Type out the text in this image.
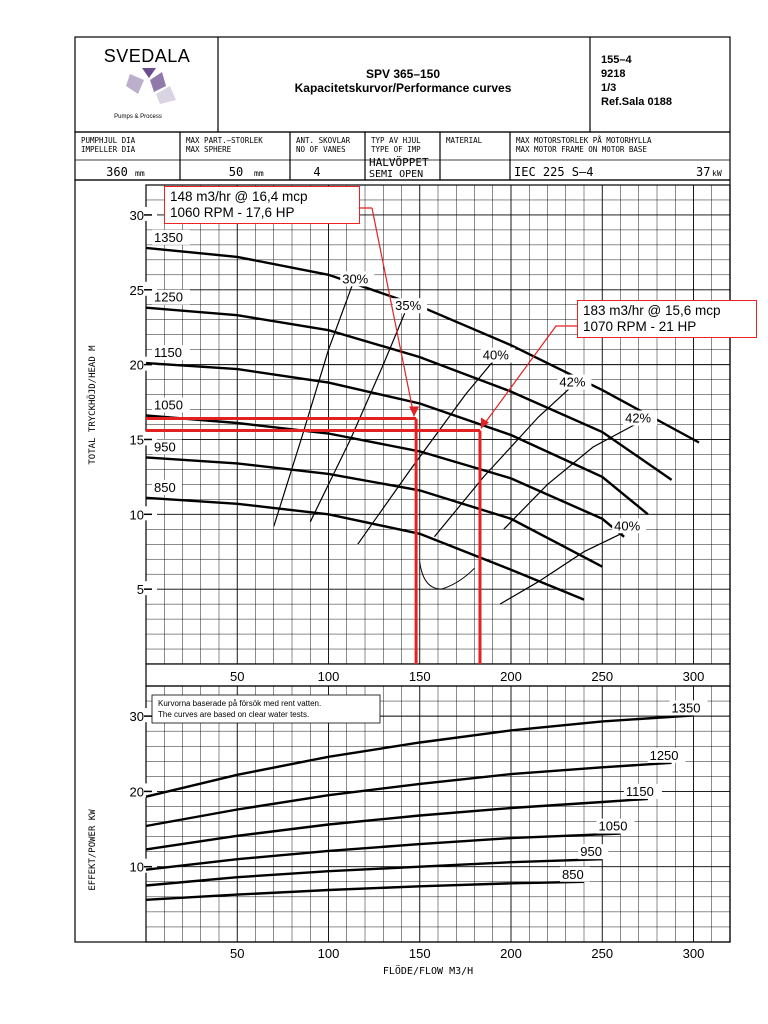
SVEDALA
Pumps & Process
SPV 365–150
Kapacitetskurvor/Performance curves
155–4
9218
1/3
Ref.Sala 0188
PUMPHJUL DIA
IMPELLER DIA
360 mm
MAX PART.–STORLEK
MAX SPHERE
50 mm
ANT. SKOVLAR
NO OF VANES
4
TYP AV HJUL
TYPE OF IMP
HALVÖPPET
SEMI OPEN
MATERIAL	MAX MOTORSTORLEK PÅ MOTORHYLLA
MAX MOTOR FRAME ON MOTOR BASE
IEC 225 S–4	37 kW
5
10
15
20
25
30
1350
1250
1150
1050
950
850
30%
35%
40%
42%
42%
40%
50	100	150	200	250	300
10
20
30
1350
1250
1150
1050
950
850
50	100	150	200	250	300
Kurvorna baserade på försök med rent vatten.
The curves are based on clear water tests.
FLÖDE/FLOW M3/H
TOTAL TRYCKHÖJD/HEAD M
EFFEKT/POWER KW
148 m3/hr @ 16,4 mcp
1060 RPM - 17,6 HP
183 m3/hr @ 15,6 mcp
1070 RPM - 21 HP
